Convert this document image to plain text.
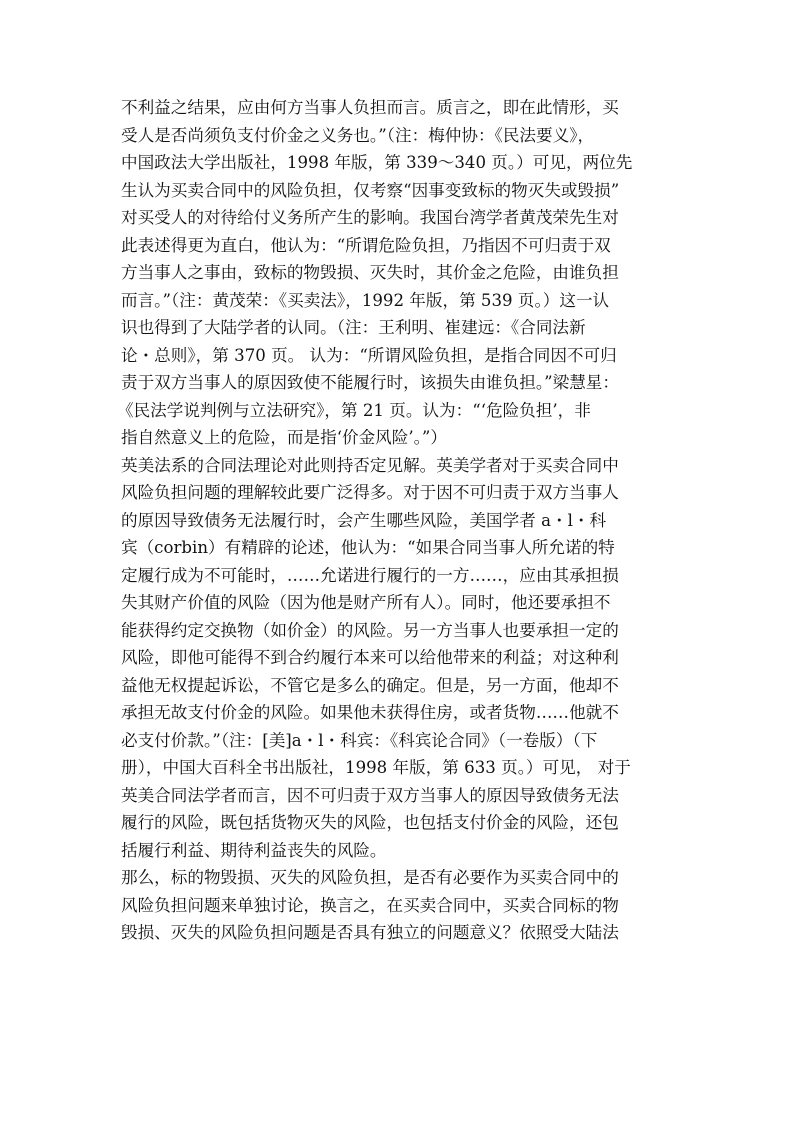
不利益之结果，应由何方当事人负担而言。质言之，即在此情形，买
受人是否尚须负支付价金之义务也。”（注：梅仲协：《民法要义》，
中国政法大学出版社，1998 年版，第 339～340 页。）可见，两位先
生认为买卖合同中的风险负担，仅考察“因事变致标的物灭失或毁损”
对买受人的对待给付义务所产生的影响。我国台湾学者黄茂荣先生对
此表述得更为直白，他认为：“所谓危险负担，乃指因不可归责于双
方当事人之事由，致标的物毁损、灭失时，其价金之危险，由谁负担
而言。”（注：黄茂荣：《买卖法》，1992 年版，第 539 页。）这一认
识也得到了大陆学者的认同。（注：王利明、崔建远：《合同法新
论・总则》，第 370 页。 认为：“所谓风险负担，是指合同因不可归
责于双方当事人的原因致使不能履行时，该损失由谁负担。”梁慧星：
《民法学说判例与立法研究》，第 21 页。认为：“‘危险负担’，非
指自然意义上的危险，而是指‘价金风险’。”）
英美法系的合同法理论对此则持否定见解。英美学者对于买卖合同中
风险负担问题的理解较此要广泛得多。对于因不可归责于双方当事人
的原因导致债务无法履行时，会产生哪些风险，美国学者 a・l・科
宾（corbin）有精辟的论述，他认为：“如果合同当事人所允诺的特
定履行成为不可能时，……允诺进行履行的一方……，应由其承担损
失其财产价值的风险（因为他是财产所有人）。同时，他还要承担不
能获得约定交换物（如价金）的风险。另一方当事人也要承担一定的
风险，即他可能得不到合约履行本来可以给他带来的利益；对这种利
益他无权提起诉讼，不管它是多么的确定。但是，另一方面，他却不
承担无故支付价金的风险。如果他未获得住房，或者货物……他就不
必支付价款。”（注：[美]a・l・科宾：《科宾论合同》（一卷版）（下
册），中国大百科全书出版社，1998 年版，第 633 页。）可见， 对于
英美合同法学者而言，因不可归责于双方当事人的原因导致债务无法
履行的风险，既包括货物灭失的风险，也包括支付价金的风险，还包
括履行利益、期待利益丧失的风险。
那么，标的物毁损、灭失的风险负担，是否有必要作为买卖合同中的
风险负担问题来单独讨论，换言之，在买卖合同中，买卖合同标的物
毁损、灭失的风险负担问题是否具有独立的问题意义？依照受大陆法
